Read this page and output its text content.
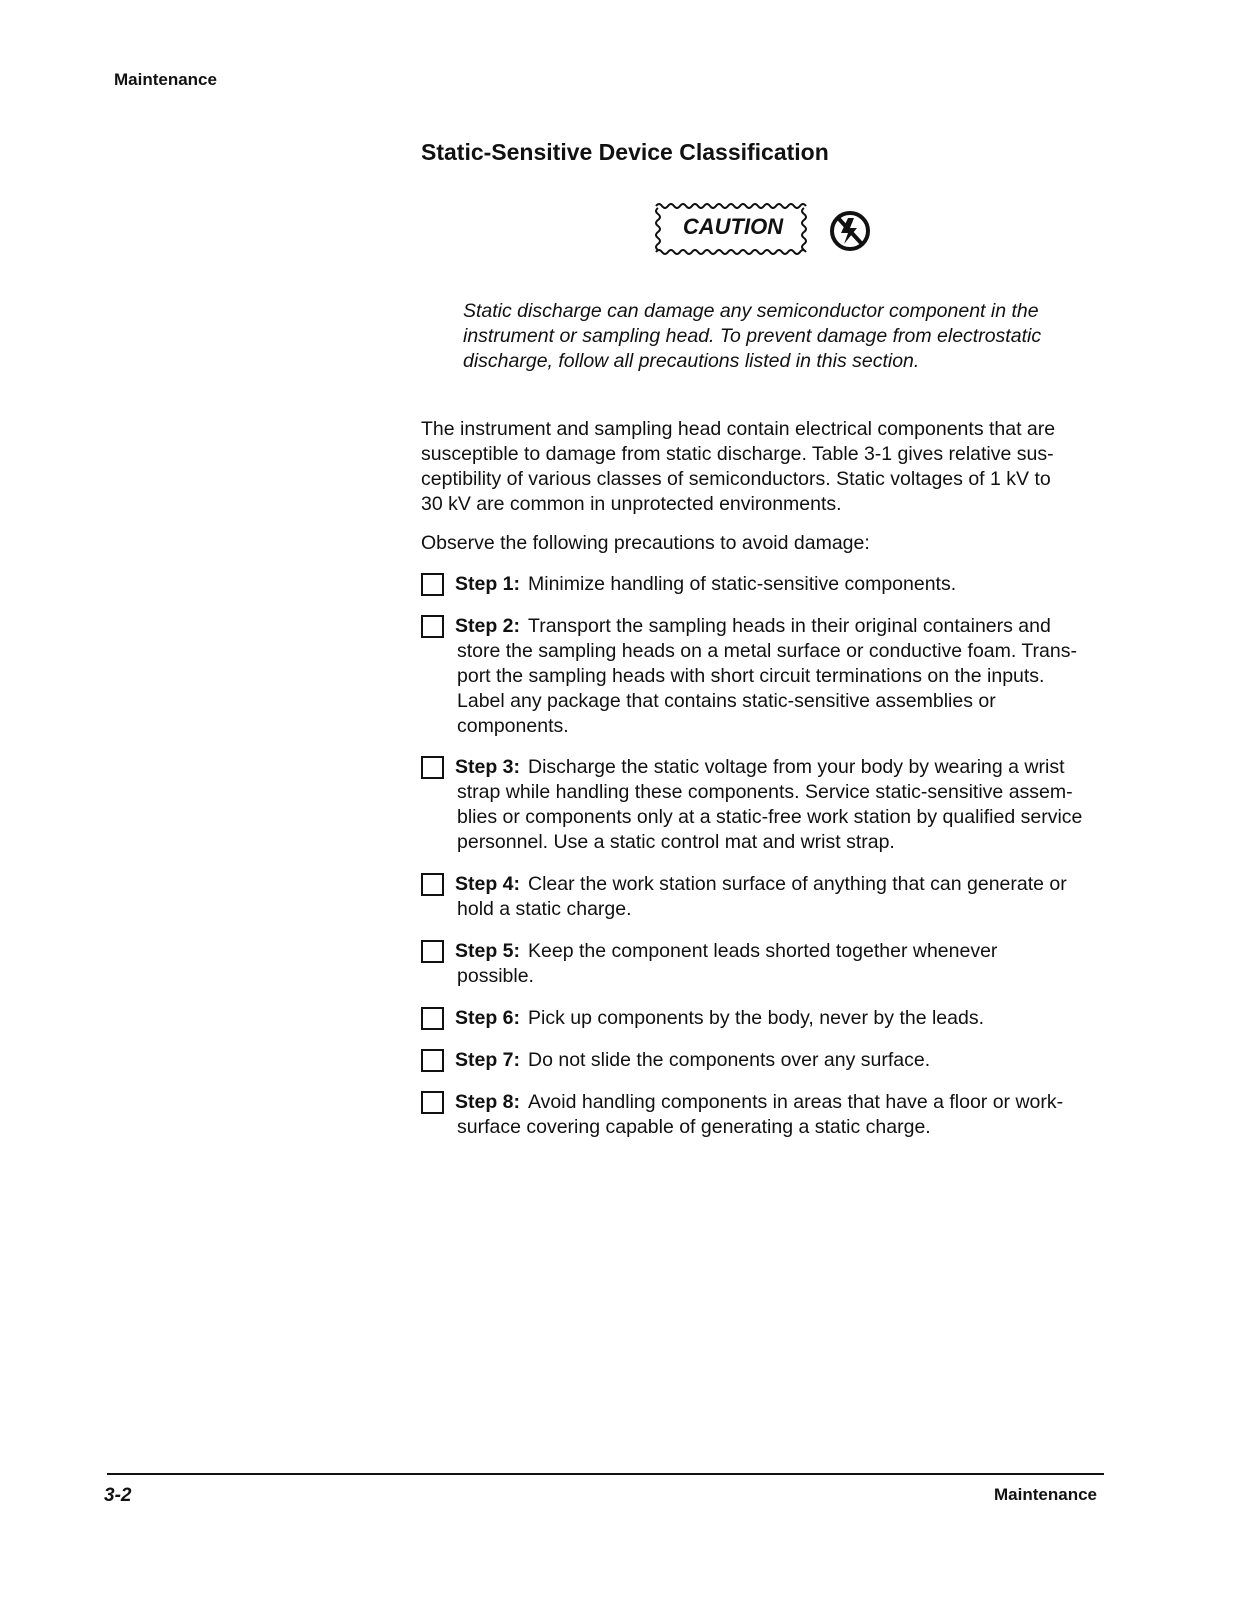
Maintenance
Static-Sensitive Device Classification
CAUTION

Static discharge can damage any semiconductor component in the instrument or sampling head. To prevent damage from electrostatic discharge, follow all precautions listed in this section.

The instrument and sampling head contain electrical components that are
susceptible to damage from static discharge. Table 3-1 gives relative sus-
ceptibility of various classes of semiconductors. Static voltages of 1 kV to
30 kV are common in unprotected environments.

Observe the following precautions to avoid damage:

Step 1: Minimize handling of static-sensitive components.
Step 2: Transport the sampling heads in their original containers and
store the sampling heads on a metal surface or conductive foam. Trans-
port the sampling heads with short circuit terminations on the inputs.
Label any package that contains static-sensitive assemblies or
components.
Step 3: Discharge the static voltage from your body by wearing a wrist
strap while handling these components. Service static-sensitive assem-
blies or components only at a static-free work station by qualified service
personnel. Use a static control mat and wrist strap.
Step 4: Clear the work station surface of anything that can generate or
hold a static charge.
Step 5: Keep the component leads shorted together whenever
possible.
Step 6: Pick up components by the body, never by the leads.
Step 7: Do not slide the components over any surface.
Step 8: Avoid handling components in areas that have a floor or work-
surface covering capable of generating a static charge.
3-2	Maintenance
